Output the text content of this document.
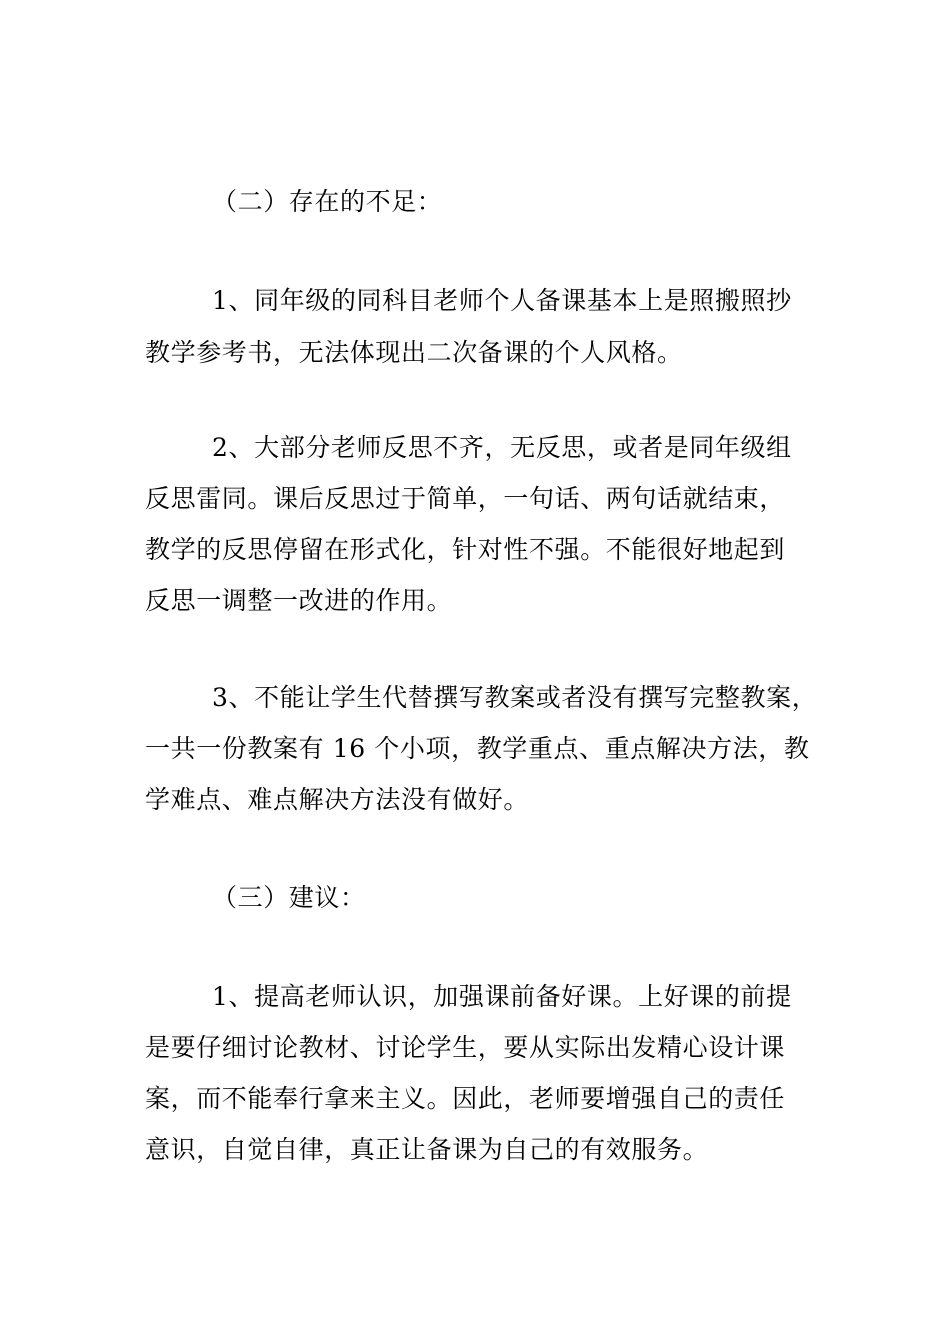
（二）存在的不足：
1、同年级的同科目老师个人备课基本上是照搬照抄
教学参考书，无法体现出二次备课的个人风格。
2、大部分老师反思不齐，无反思，或者是同年级组
反思雷同。课后反思过于简单，一句话、两句话就结束，
教学的反思停留在形式化，针对性不强。不能很好地起到
反思一调整一改进的作用。
3、不能让学生代替撰写教案或者没有撰写完整教案，
一共一份教案有 16 个小项，教学重点、重点解决方法，教
学难点、难点解决方法没有做好。
（三）建议：
1、提高老师认识，加强课前备好课。上好课的前提
是要仔细讨论教材、讨论学生，要从实际出发精心设计课
案，而不能奉行拿来主义。因此，老师要增强自己的责任
意识，自觉自律，真正让备课为自己的有效服务。
